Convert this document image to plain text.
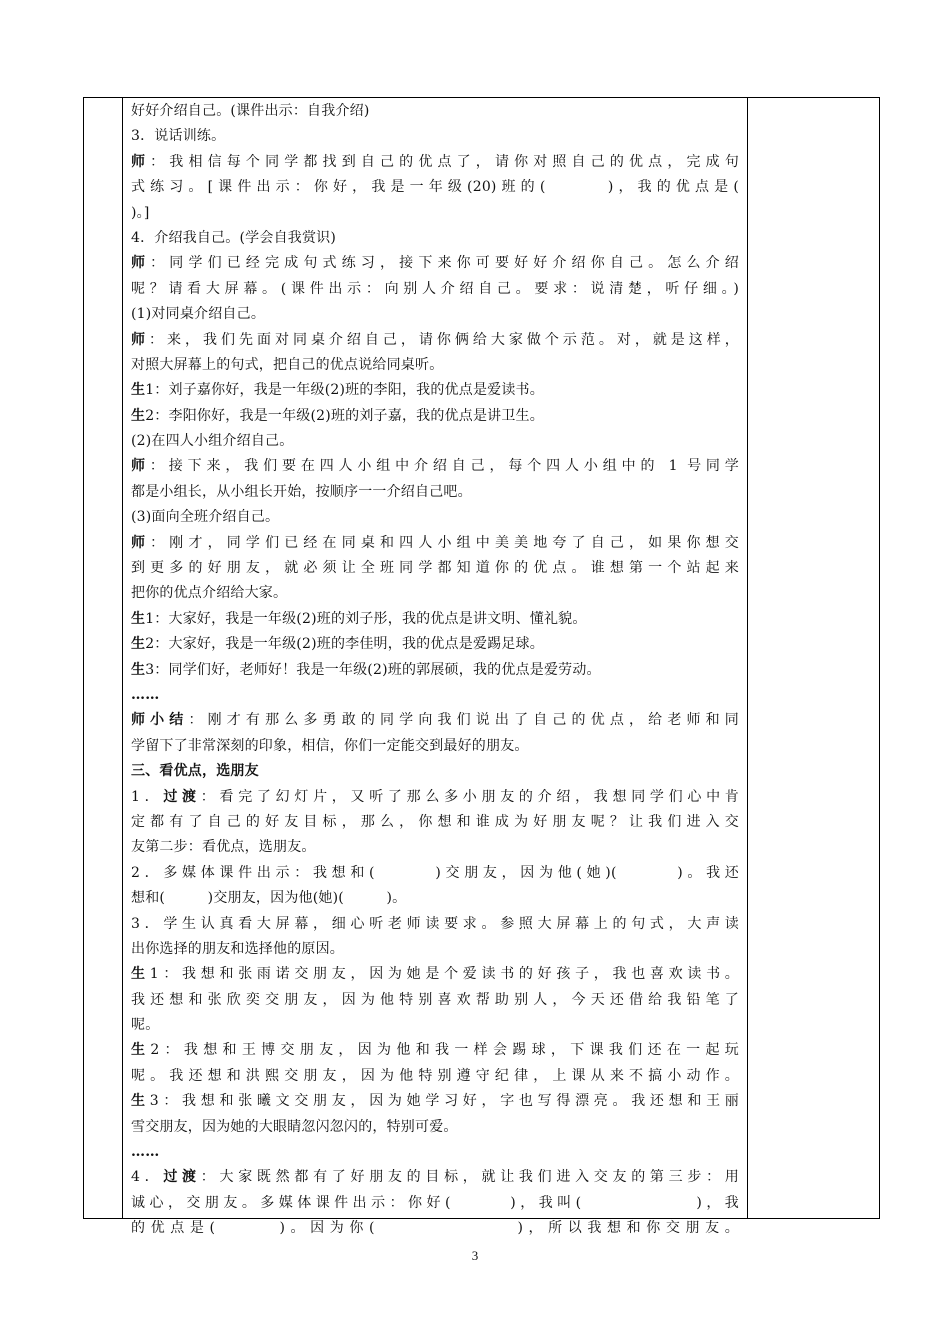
好好介绍自己。(课件出示：自我介绍)
3．说话训练。
师：我相信每个同学都找到自己的优点了，请你对照自己的优点，完成句
式练习。[课件出示：你好，我是一年级(20)班的(　　　)，我的优点是(
)。]
4．介绍我自己。(学会自我赏识)
师：同学们已经完成句式练习，接下来你可要好好介绍你自己。怎么介绍
呢？请看大屏幕。(课件出示：向别人介绍自己。要求：说清楚，听仔细。)
(1)对同桌介绍自己。
师：来，我们先面对同桌介绍自己，请你俩给大家做个示范。对，就是这样，
对照大屏幕上的句式，把自己的优点说给同桌听。
生1：刘子嘉你好，我是一年级(2)班的李阳，我的优点是爱读书。
生2：李阳你好，我是一年级(2)班的刘子嘉，我的优点是讲卫生。
(2)在四人小组介绍自己。
师：接下来，我们要在四人小组中介绍自己，每个四人小组中的 1 号同学
都是小组长，从小组长开始，按顺序一一介绍自己吧。
(3)面向全班介绍自己。
师：刚才，同学们已经在同桌和四人小组中美美地夸了自己，如果你想交
到更多的好朋友，就必须让全班同学都知道你的优点。谁想第一个站起来
把你的优点介绍给大家。
生1：大家好，我是一年级(2)班的刘子彤，我的优点是讲文明、懂礼貌。
生2：大家好，我是一年级(2)班的李佳明，我的优点是爱踢足球。
生3：同学们好，老师好！我是一年级(2)班的郭展硕，我的优点是爱劳动。
……
师小结：刚才有那么多勇敢的同学向我们说出了自己的优点，给老师和同
学留下了非常深刻的印象，相信，你们一定能交到最好的朋友。
三、看优点，选朋友
1．过渡：看完了幻灯片，又听了那么多小朋友的介绍，我想同学们心中肯
定都有了自己的好友目标，那么，你想和谁成为好朋友呢？让我们进入交
友第二步：看优点，选朋友。
2．多媒体课件出示：我想和(　　　)交朋友，因为他(她)(　　　)。我还
想和(　　　)交朋友，因为他(她)(　　　)。
3．学生认真看大屏幕，细心听老师读要求。参照大屏幕上的句式，大声读
出你选择的朋友和选择他的原因。
生1：我想和张雨诺交朋友，因为她是个爱读书的好孩子，我也喜欢读书。
我还想和张欣奕交朋友，因为他特别喜欢帮助别人，今天还借给我铅笔了
呢。
生2：我想和王博交朋友，因为他和我一样会踢球，下课我们还在一起玩
呢。我还想和洪熙交朋友，因为他特别遵守纪律，上课从来不搞小动作。
生3：我想和张曦文交朋友，因为她学习好，字也写得漂亮。我还想和王丽
雪交朋友，因为她的大眼睛忽闪忽闪的，特别可爱。
……
4．过渡：大家既然都有了好朋友的目标，就让我们进入交友的第三步：用
诚心，交朋友。多媒体课件出示：你好(　　　)，我叫(　　　　　　)，我
的优点是(　　　)。因为你(　　　　　　　)，所以我想和你交朋友。
3
